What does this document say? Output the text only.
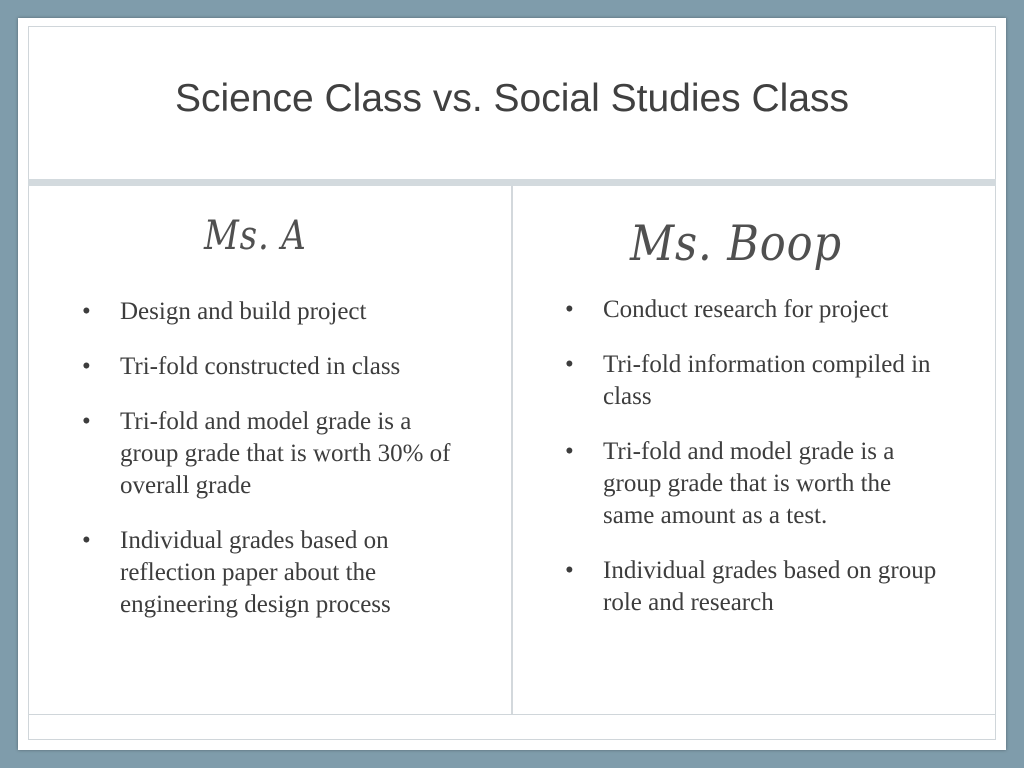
Science Class vs. Social Studies Class
Ms. A	Ms. Boop
• Design and build project
• Tri-fold constructed in class
• Tri-fold and model grade is a group grade that is worth 30% of overall grade
• Individual grades based on reflection paper about the engineering design process
• Conduct research for project
• Tri-fold information compiled in class
• Tri-fold and model grade is a group grade that is worth the same amount as a test.
• Individual grades based on group role and research
